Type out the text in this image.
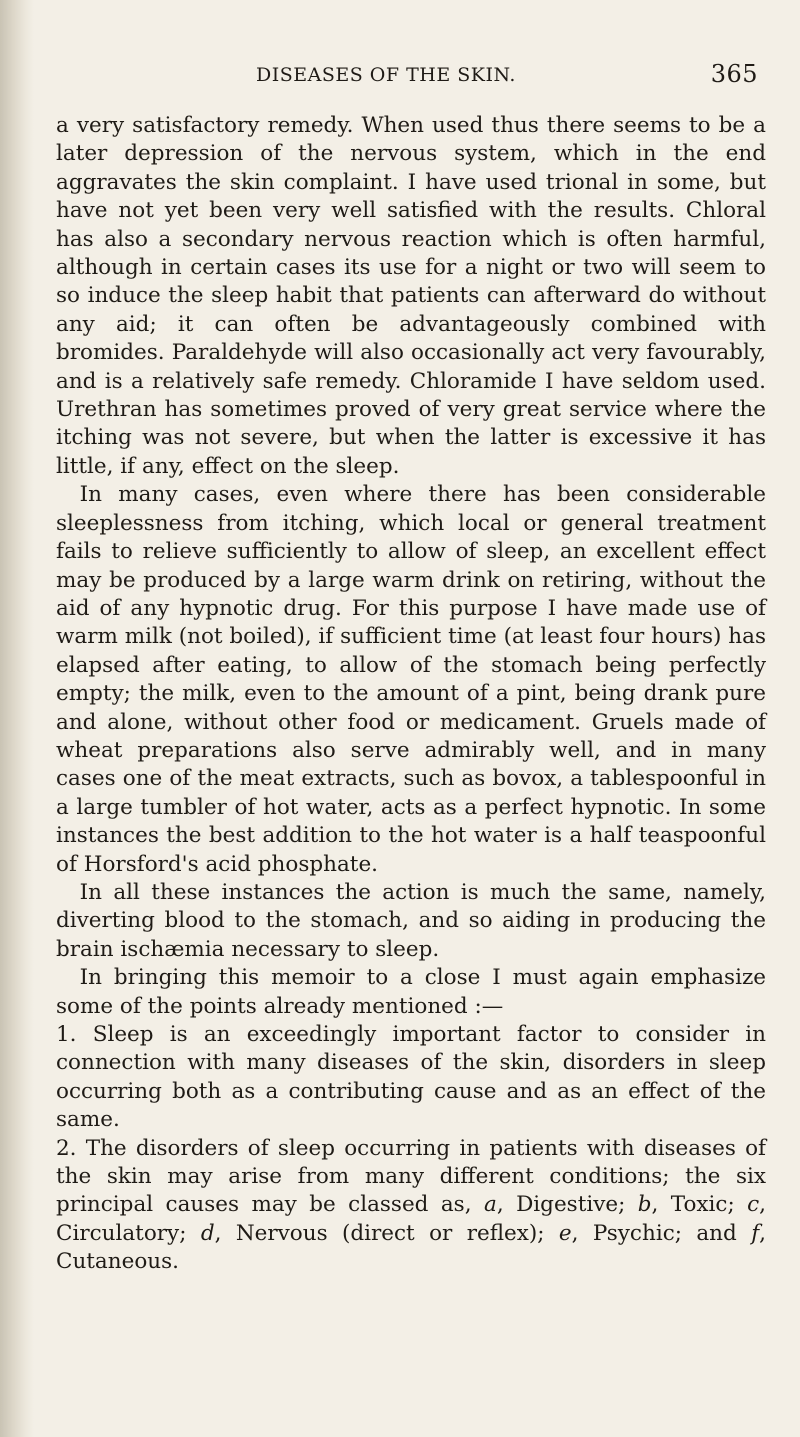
DISEASES OF THE SKIN.	365

a very satisfactory remedy. When used thus there seems to be a later depression of the nervous system, which in the end aggravates the skin complaint. I have used trional in some, but have not yet been very well satisfied with the results. Chloral has also a secondary nervous reaction which is often harmful, although in certain cases its use for a night or two will seem to so induce the sleep habit that patients can afterward do without any aid; it can often be advantageously combined with bromides. Paraldehyde will also occasionally act very favourably, and is a relatively safe remedy. Chloramide I have seldom used. Urethran has sometimes proved of very great service where the itching was not severe, but when the latter is excessive it has little, if any, effect on the sleep.

In many cases, even where there has been considerable sleeplessness from itching, which local or general treatment fails to relieve sufficiently to allow of sleep, an excellent effect may be produced by a large warm drink on retiring, without the aid of any hypnotic drug. For this purpose I have made use of warm milk (not boiled), if sufficient time (at least four hours) has elapsed after eating, to allow of the stomach being perfectly empty; the milk, even to the amount of a pint, being drank pure and alone, without other food or medicament. Gruels made of wheat preparations also serve admirably well, and in many cases one of the meat extracts, such as bovox, a tablespoonful in a large tumbler of hot water, acts as a perfect hypnotic. In some instances the best addition to the hot water is a half teaspoonful of Horsford's acid phosphate.

In all these instances the action is much the same, namely, diverting blood to the stomach, and so aiding in producing the brain ischæmia necessary to sleep.

In bringing this memoir to a close I must again emphasize some of the points already mentioned :—

1. Sleep is an exceedingly important factor to consider in connection with many diseases of the skin, disorders in sleep occurring both as a contributing cause and as an effect of the same.

2. The disorders of sleep occurring in patients with diseases of the skin may arise from many different conditions; the six principal causes may be classed as, a, Digestive; b, Toxic; c, Circulatory; d, Nervous (direct or reflex); e, Psychic; and f, Cutaneous.
